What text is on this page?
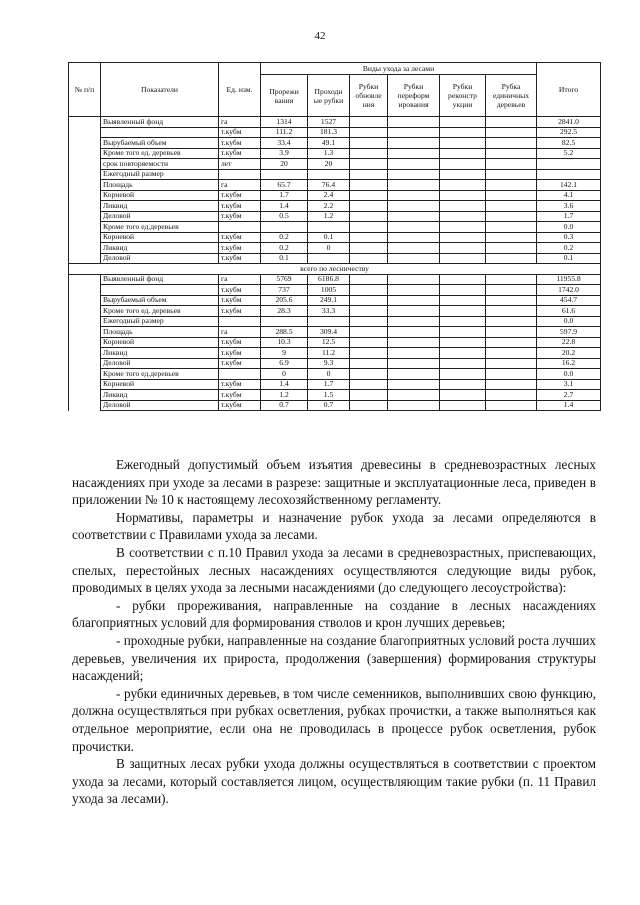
42
№ п/п	Показатели	Ед. изм.	Виды ухода за лесами						Итого
			Прорежи вания	Проходн ые рубки	Рубки обновле ния	Рубки переформ ирования	Рубки реконстр укции	Рубка единичных деревьев	
	Выявленный фонд	га	1314	1527					2841.0
		т.кубм	111.2	181.3					292.5
	Вырубаемый объем	т.кубм	33.4	49.1					82.5
	Кроме того ед. деревьев	т.кубм	3.9	1.3					5.2
	срок повторяемости	лет	20	20					
	Ежегодный размер								
	Площадь	га	65.7	76.4					142.1
	Корневой	т.кубм	1.7	2.4					4.1
	Ликвид	т.кубм	1.4	2.2					3.6
	Деловой	т.кубм	0.5	1.2					1.7
	Кроме того ед.деревьев								0.0
	Корневой	т.кубм	0.2	0.1					0.3
	Ликвид	т.кубм	0.2	0					0.2
	Деловой	т.кубм	0.1						0.1
всего по лесничеству									
	Выявленный фонд	га	5769	6186.8					11955.8
		т.кубм	737	1005					1742.0
	Вырубаемый объем	т.кубм	205.6	249.1					454.7
	Кроме того ед. деревьев	т.кубм	28.3	33.3					61.6
	Ежегодный размер								0.0
	Площадь	га	288.5	309.4					597.9
	Корневой	т.кубм	10.3	12.5					22.8
	Ликвид	т.кубм	9	11.2					20.2
	Деловой	т.кубм	6.9	9.3					16.2
	Кроме того ед.деревьев		0	0					0.0
	Корневой	т.кубм	1.4	1.7					3.1
	Ликвид	т.кубм	1.2	1.5					2.7
	Деловой	т.кубм	0.7	0.7					1.4

Ежегодный допустимый объем изъятия древесины в средневозрастных лесных насаждениях при уходе за лесами в разрезе: защитные и эксплуатационные леса, приведен в приложении № 10 к настоящему лесохозяйственному регламенту.

Нормативы, параметры и назначение рубок ухода за лесами определяются в соответствии с Правилами ухода за лесами.

В соответствии с п.10 Правил ухода за лесами в средневозрастных, приспевающих, спелых, перестойных лесных насаждениях осуществляются следующие виды рубок, проводимых в целях ухода за лесными насаждениями (до следующего лесоустройства):

- рубки прореживания, направленные на создание в лесных насаждениях благоприятных условий для формирования стволов и крон лучших деревьев;

- проходные рубки, направленные на создание благоприятных условий роста лучших деревьев, увеличения их прироста, продолжения (завершения) формирования структуры насаждений;

- рубки единичных деревьев, в том числе семенников, выполнивших свою функцию, должна осуществляться при рубках осветления, рубках прочистки, а также выполняться как отдельное мероприятие, если она не проводилась в процессе рубок осветления, рубок прочистки.

В защитных лесах рубки ухода должны осуществляться в соответствии с проектом ухода за лесами, который составляется лицом, осуществляющим такие рубки (п. 11 Правил ухода за лесами).
